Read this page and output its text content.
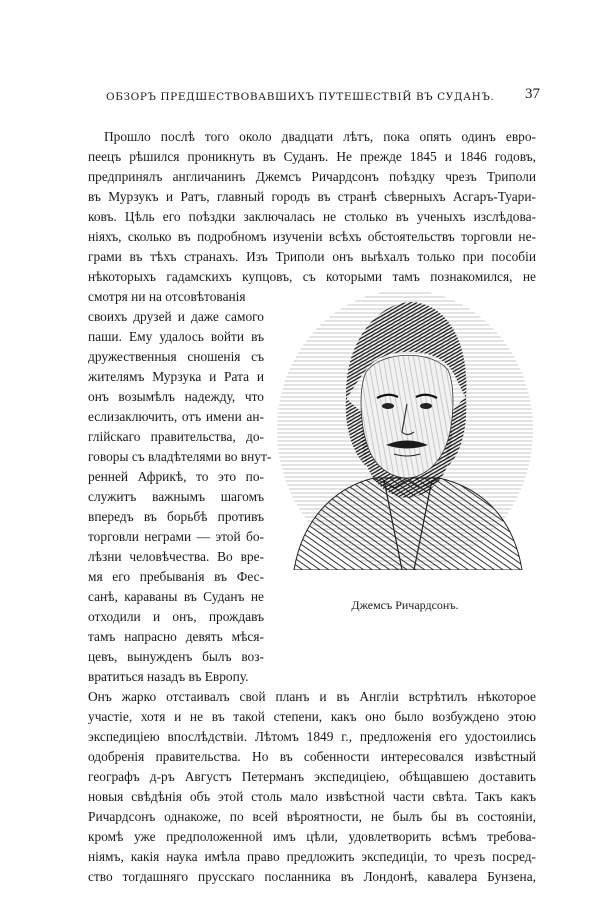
ОБЗОРЪ ПРЕДШЕСТВОВАВШИХЪ ПУТЕШЕСТВІЙ ВЪ СУДАНЪ. 37
Прошло послѣ того около двадцати лѣтъ, пока опять одинъ евро-
пеецъ рѣшился проникнуть въ Суданъ. Не прежде 1845 и 1846 годовъ,
предпринялъ англичанинъ Джемсъ Ричардсонъ поѣздку чрезъ Триполи
въ Мурзукъ и Ратъ, главный городъ въ странѣ сѣверныхъ Асгаръ-Туари-
ковъ. Цѣль его поѣздки заключалась не столько въ ученыхъ изслѣдова-
ніяхъ, сколько въ подробномъ изученіи всѣхъ обстоятельствъ торговли не-
грами въ тѣхъ странахъ. Изъ Триполи онъ выѣхалъ только при пособіи
нѣкоторыхъ гадамскихъ купцовъ, съ которыми тамъ познакомился, не
смотря ни на отсовѣтованія
своихъ друзей и даже самого
паши. Ему удалось войти въ
дружественныя сношенія съ
жителямъ Мурзука и Рата и
онъ возымѣлъ надежду, что
еслизаключить, отъ имени ан-
глійскаго правительства, до-
говоры съ владѣтелями во внут-
ренней Африкѣ, то это по-
служитъ важнымъ шагомъ
впередъ въ борьбѣ противъ
торговли неграми — этой бо-
лѣзни человѣчества. Во вре-
мя его пребыванія въ Фес-
санѣ, караваны въ Суданъ не
отходили и онъ, прождавъ
тамъ напрасно девять мѣся-
цевъ, вынужденъ былъ воз-
вратиться назадъ въ Европу.
Джемсъ Ричардсонъ.
Онъ жарко отстаивалъ свой планъ и въ Англіи встрѣтилъ нѣкоторое
участіе, хотя и не въ такой степени, какъ оно было возбуждено этою
экспедиціею впослѣдствіи. Лѣтомъ 1849 г., предложенія его удостоились
одобренія правительства. Но въ собенности интересовался извѣстный
географъ д-ръ Августъ Петерманъ экспедиціею, обѣщавшею доставить
новыя свѣдѣнія объ этой столь мало извѣстной части свѣта. Такъ какъ
Ричардсонъ однакоже, по всей вѣроятности, не былъ бы въ состояніи,
кромѣ уже предположенной имъ цѣли, удовлетворить всѣмъ требова-
ніямъ, какія наука имѣла право предложить экспедиціи, то чрезъ посред-
ство тогдашняго прусскаго посланника въ Лондонѣ, кавалера Бунзена,
